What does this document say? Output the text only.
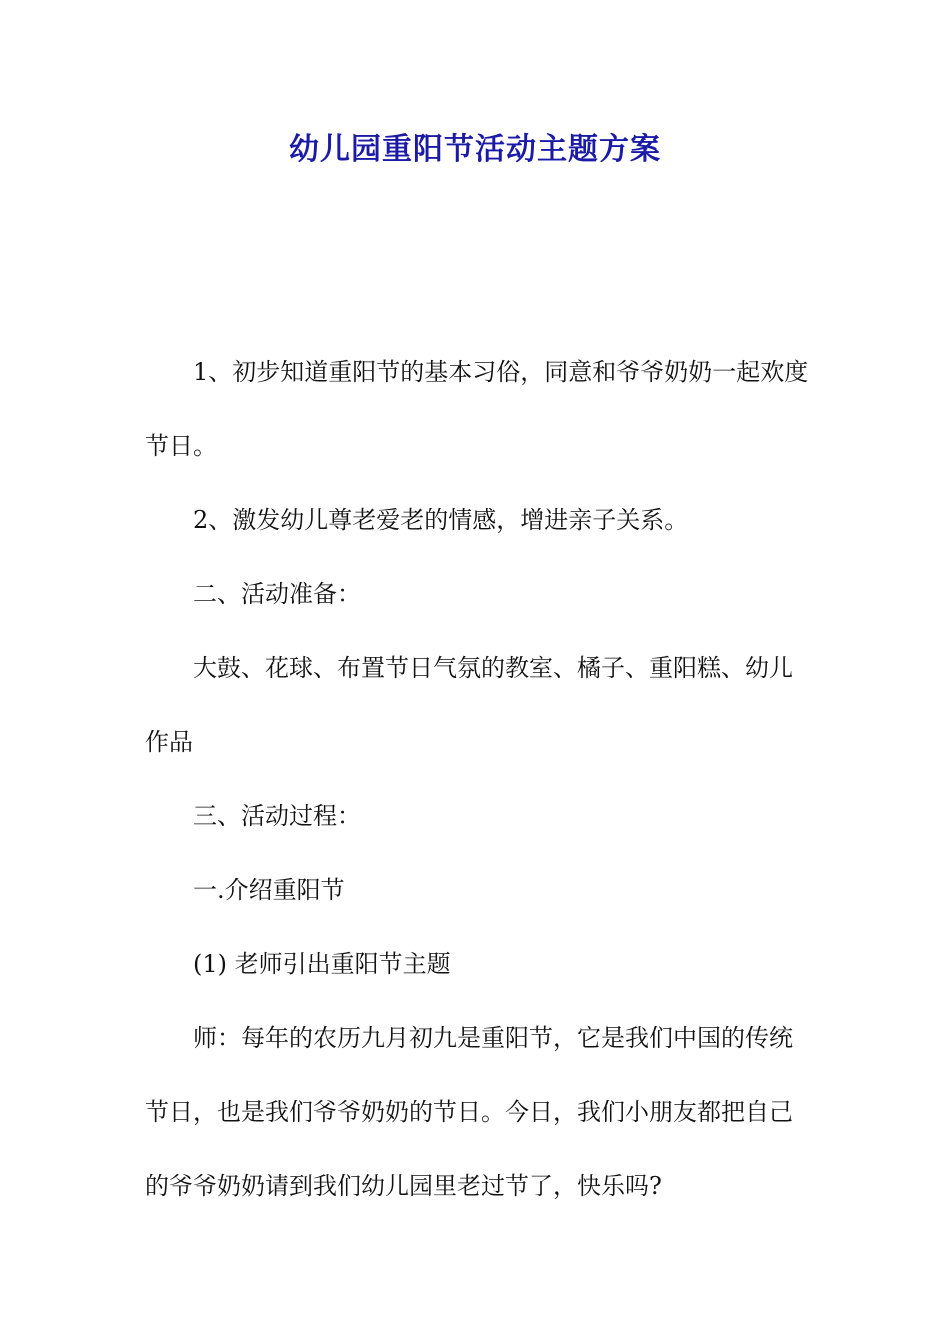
幼儿园重阳节活动主题方案

1、初步知道重阳节的基本习俗，同意和爷爷奶奶一起欢度节日。

2、激发幼儿尊老爱老的情感，增进亲子关系。

二、活动准备：

大鼓、花球、布置节日气氛的教室、橘子、重阳糕、幼儿作品

三、活动过程：

一.介绍重阳节

(1) 老师引出重阳节主题

师：每年的农历九月初九是重阳节，它是我们中国的传统节日，也是我们爷爷奶奶的节日。今日，我们小朋友都把自己的爷爷奶奶请到我们幼儿园里老过节了，快乐吗?
